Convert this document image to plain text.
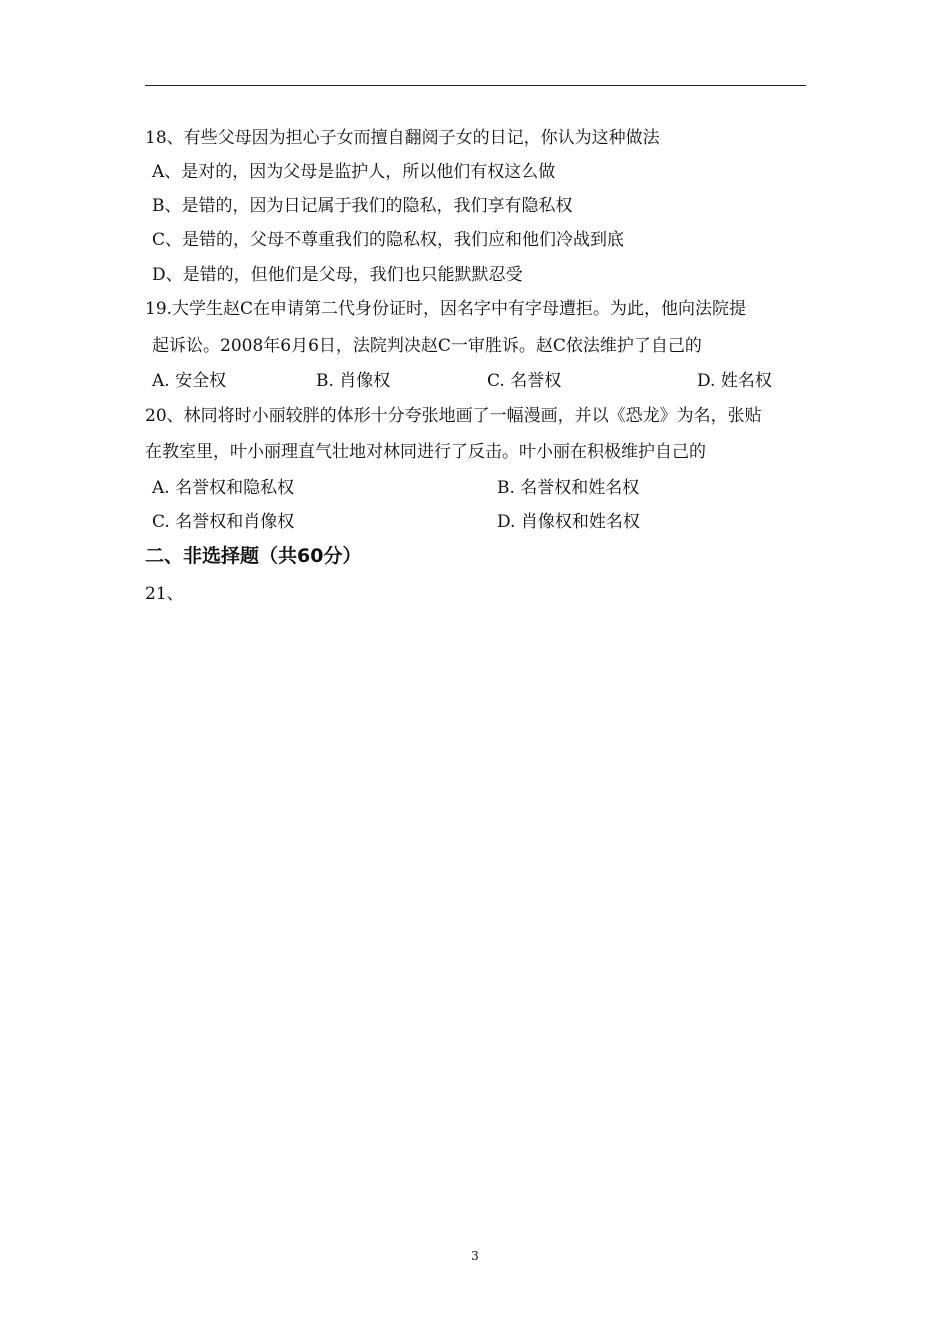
18、有些父母因为担心子女而擅自翻阅子女的日记，你认为这种做法
A、是对的，因为父母是监护人，所以他们有权这么做
B、是错的，因为日记属于我们的隐私，我们享有隐私权
C、是错的，父母不尊重我们的隐私权，我们应和他们冷战到底
D、是错的，但他们是父母，我们也只能默默忍受
19.大学生赵C在申请第二代身份证时，因名字中有字母遭拒。为此，他向法院提
起诉讼。2008年6月6日，法院判决赵C一审胜诉。赵C依法维护了自己的
A. 安全权	B. 肖像权	C. 名誉权	D. 姓名权
20、林同将时小丽较胖的体形十分夸张地画了一幅漫画，并以《恐龙》为名，张贴
在教室里，叶小丽理直气壮地对林同进行了反击。叶小丽在积极维护自己的
A. 名誉权和隐私权	B. 名誉权和姓名权
C. 名誉权和肖像权	D. 肖像权和姓名权
二、非选择题（共60分）
21、
3
